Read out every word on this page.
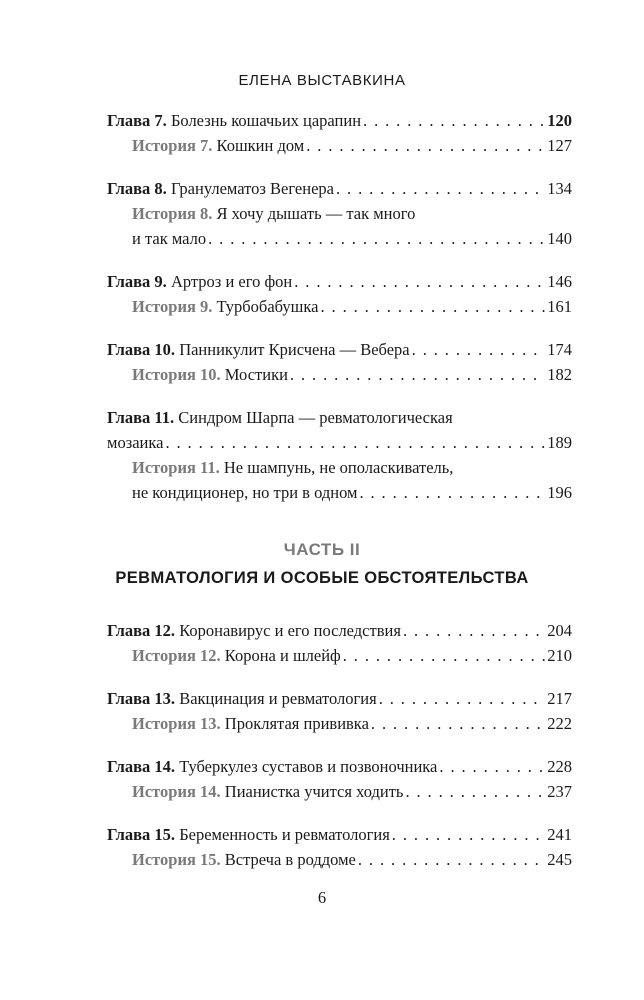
ЕЛЕНА ВЫСТАВКИНА
Глава 7. Болезнь кошачьих царапин . . .	120
История 7. Кошкин дом . . .	127
Глава 8. Гранулематоз Вегенера . . .	134
История 8. Я хочу дышать — так много
и так мало . . .	140
Глава 9. Артроз и его фон . . .	146
История 9. Турбобабушка . . .	161
Глава 10. Панникулит Крисчена — Вебера . . .	174
История 10. Мостики . . .	182
Глава 11. Синдром Шарпа — ревматологическая
мозаика . . .	189
История 11. Не шампунь, не ополаскиватель,
не кондиционер, но три в одном . . .	196
ЧАСТЬ II
РЕВМАТОЛОГИЯ И ОСОБЫЕ ОБСТОЯТЕЛЬСТВА
Глава 12. Коронавирус и его последствия . . .	204
История 12. Корона и шлейф . . .	210
Глава 13. Вакцинация и ревматология . . .	217
История 13. Проклятая прививка . . .	222
Глава 14. Туберкулез суставов и позвоночника . . .	228
История 14. Пианистка учится ходить . . .	237
Глава 15. Беременность и ревматология . . .	241
История 15. Встреча в роддоме . . .	245
6
